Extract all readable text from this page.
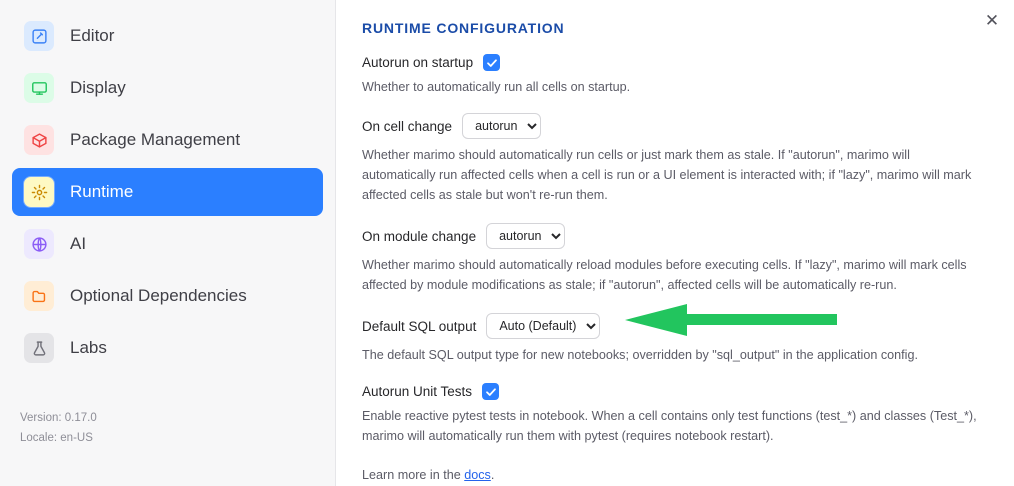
Editor
Display
Package Management
Runtime
AI
Optional Dependencies
Labs
Version: 0.17.0
Locale: en-US
✕
RUNTIME CONFIGURATION
Autorun on startup

Whether to automatically run all cells on startup.

On cell change
autorun

Whether marimo should automatically run cells or just mark them as stale. If "autorun", marimo will automatically run affected cells when a cell is run or a UI element is interacted with; if "lazy", marimo will mark affected cells as stale but won't re-run them.

On module change
autorun

Whether marimo should automatically reload modules before executing cells. If "lazy", marimo will mark cells affected by module modifications as stale; if "autorun", affected cells will be automatically re-run.

Default SQL output
Auto (Default)

The default SQL output type for new notebooks; overridden by "sql_output" in the application config.

Autorun Unit Tests

Enable reactive pytest tests in notebook. When a cell contains only test functions (test_*) and classes (Test_*), marimo will automatically run them with pytest (requires notebook restart).

Learn more in the docs.
